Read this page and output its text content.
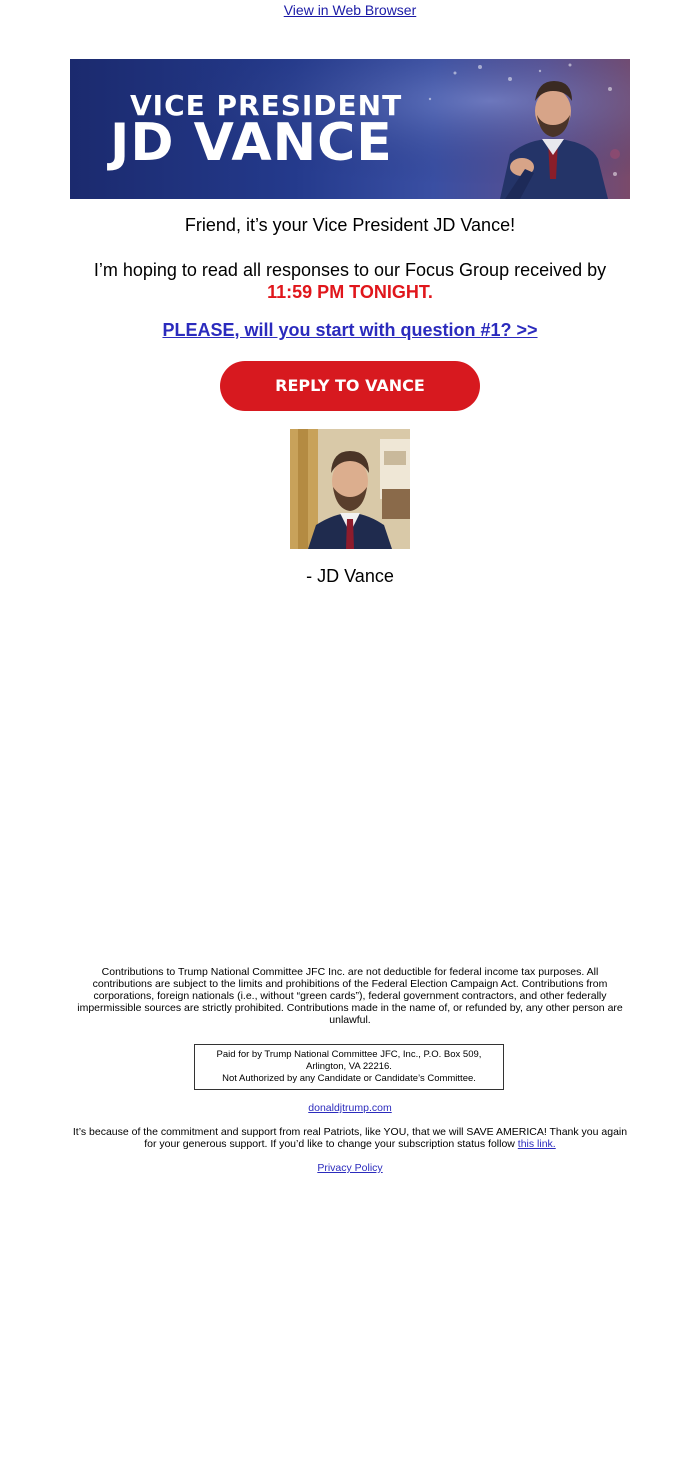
View in Web Browser
VICE PRESIDENT
JD VANCE
Friend, it’s your Vice President JD Vance!
I’m hoping to read all responses to our Focus Group received by
11:59 PM TONIGHT.
PLEASE, will you start with question #1? >>
REPLY TO VANCE
- JD Vance
Contributions to Trump National Committee JFC Inc. are not deductible for federal income tax purposes. All contributions are subject to the limits and prohibitions of the Federal Election Campaign Act. Contributions from corporations, foreign nationals (i.e., without “green cards”), federal government contractors, and other federally impermissible sources are strictly prohibited. Contributions made in the name of, or refunded by, any other person are unlawful.
Paid for by Trump National Committee JFC, Inc., P.O. Box 509,
Arlington, VA 22216.
Not Authorized by any Candidate or Candidate’s Committee.
donaldjtrump.com
It’s because of the commitment and support from real Patriots, like YOU, that we will SAVE AMERICA! Thank you again for your generous support. If you’d like to change your subscription status follow this link.
Privacy Policy
